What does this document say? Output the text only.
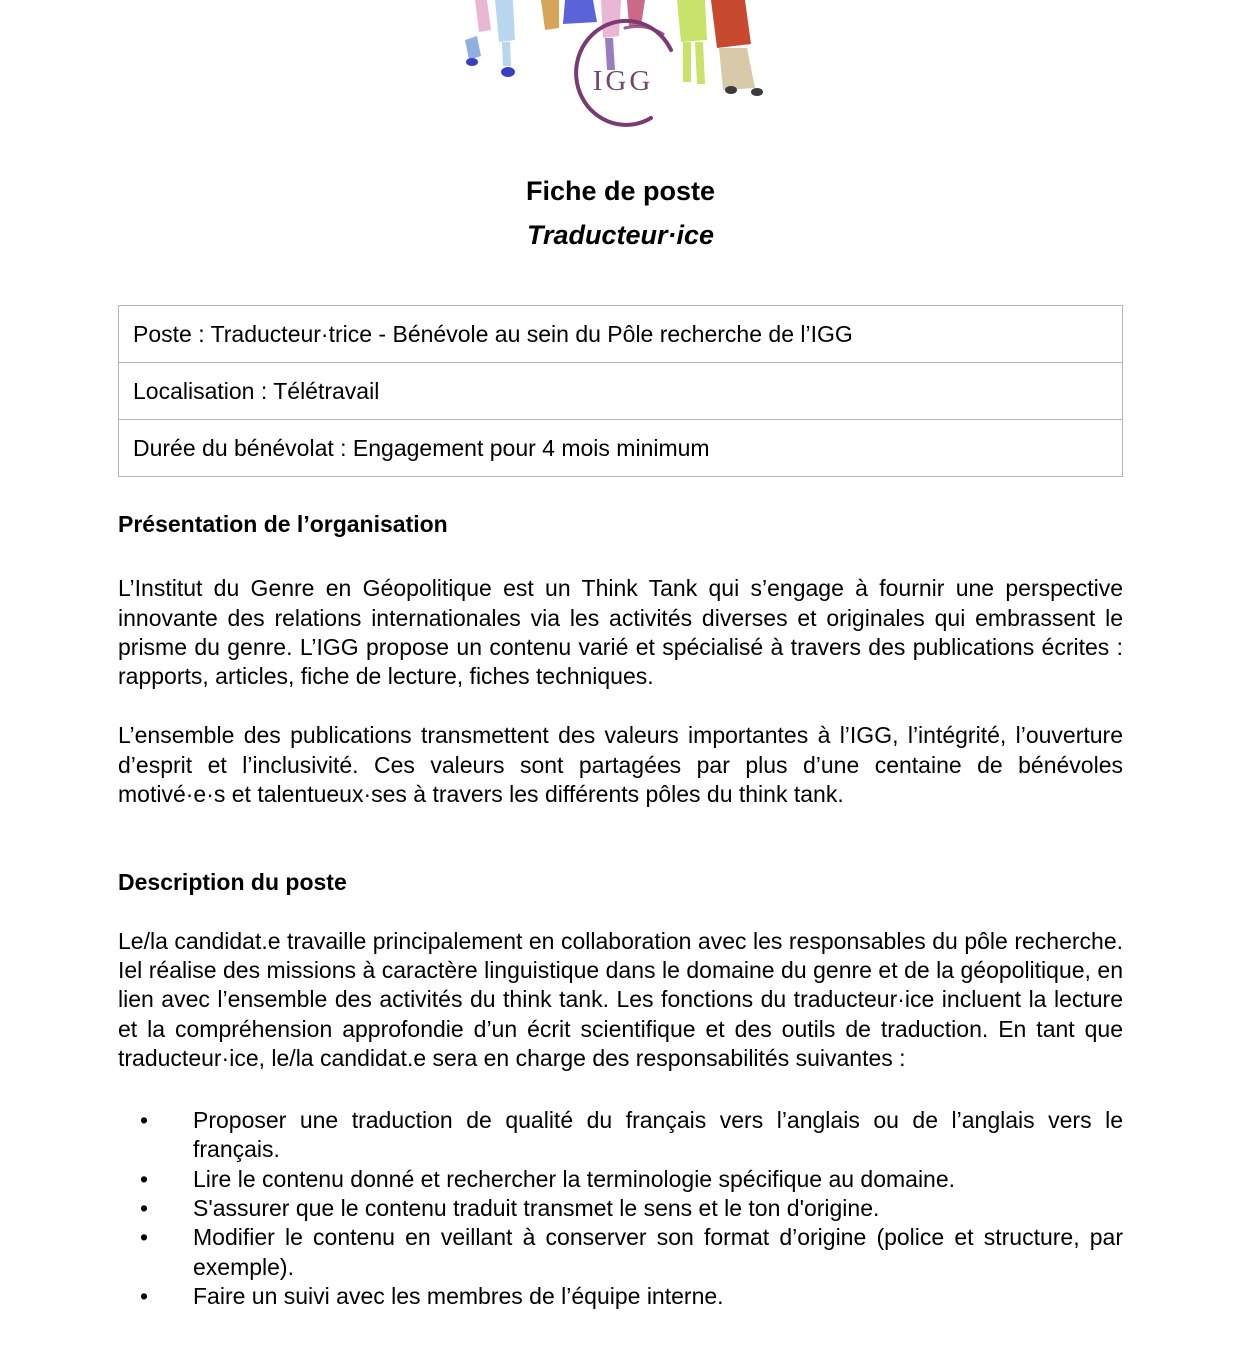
IGG
Fiche de poste
Traducteur·ice
Poste : Traducteur·trice - Bénévole au sein du Pôle recherche de l’IGG
Localisation : Télétravail
Durée du bénévolat : Engagement pour 4 mois minimum

Présentation de l’organisation

L’Institut du Genre en Géopolitique est un Think Tank qui s’engage à fournir une perspective innovante des relations internationales via les activités diverses et originales qui embrassent le prisme du genre. L’IGG propose un contenu varié et spécialisé à travers des publications écrites : rapports, articles, fiche de lecture, fiches techniques.

L’ensemble des publications transmettent des valeurs importantes à l’IGG, l’intégrité, l’ouverture d’esprit et l’inclusivité. Ces valeurs sont partagées par plus d’une centaine de bénévoles motivé·e·s et talentueux·ses à travers les différents pôles du think tank.

Description du poste

Le/la candidat.e travaille principalement en collaboration avec les responsables du pôle recherche. Iel réalise des missions à caractère linguistique dans le domaine du genre et de la géopolitique, en lien avec l’ensemble des activités du think tank. Les fonctions du traducteur·ice incluent la lecture et la compréhension approfondie d’un écrit scientifique et des outils de traduction. En tant que traducteur·ice, le/la candidat.e sera en charge des responsabilités suivantes :

• Proposer une traduction de qualité du français vers l’anglais ou de l’anglais vers le français.
• Lire le contenu donné et rechercher la terminologie spécifique au domaine.
• S'assurer que le contenu traduit transmet le sens et le ton d'origine.
• Modifier le contenu en veillant à conserver son format d’origine (police et structure, par exemple).
• Faire un suivi avec les membres de l’équipe interne.
